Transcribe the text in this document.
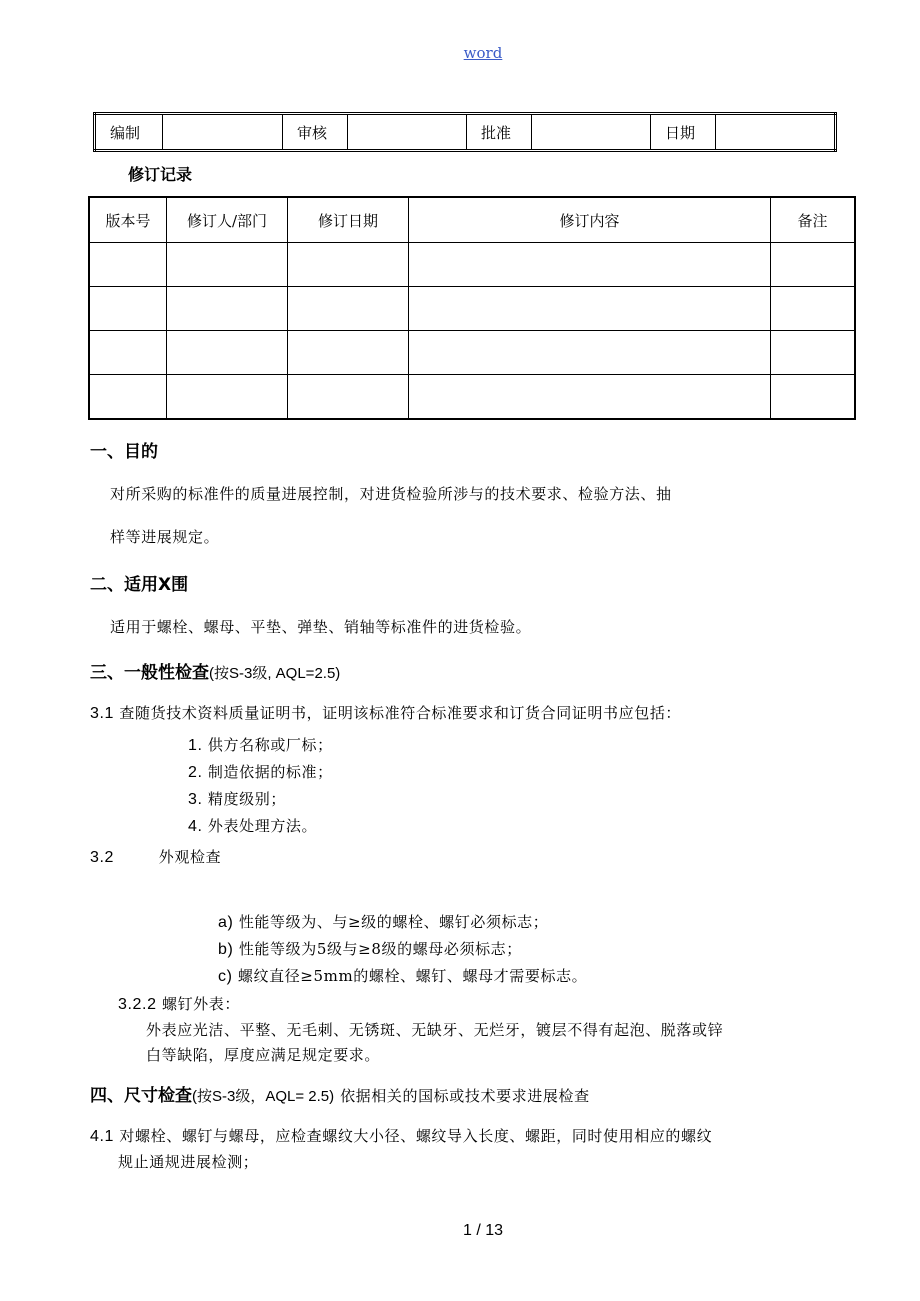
word
编制		审核		批准		日期	
修订记录
版本号	修订人/部门	修订日期	修订内容	备注

一、目的
对所采购的标准件的质量进展控制，对进货检验所涉与的技术要求、检验方法、抽
样等进展规定。
二、适用X围
适用于螺栓、螺母、平垫、弹垫、销轴等标准件的进货检验。
三、一般性检查(按S-3级, AQL=2.5)
3.1 查随货技术资料质量证明书，证明该标准符合标准要求和订货合同证明书应包括：
1. 供方名称或厂标；
2. 制造依据的标准；
3. 精度级别；
4. 外表处理方法。
3.2	外观检查
a) 性能等级为、与≥级的螺栓、螺钉必须标志；
b) 性能等级为5级与≥8级的螺母必须标志；
c) 螺纹直径≥5mm的螺栓、螺钉、螺母才需要标志。
3.2.2 螺钉外表：
外表应光洁、平整、无毛刺、无锈斑、无缺牙、无烂牙，镀层不得有起泡、脱落或锌
白等缺陷，厚度应满足规定要求。
四、尺寸检查(按S-3级，AQL= 2.5) 依据相关的国标或技术要求进展检查
4.1 对螺栓、螺钉与螺母，应检查螺纹大小径、螺纹导入长度、螺距，同时使用相应的螺纹
规止通规进展检测；
1 / 13
